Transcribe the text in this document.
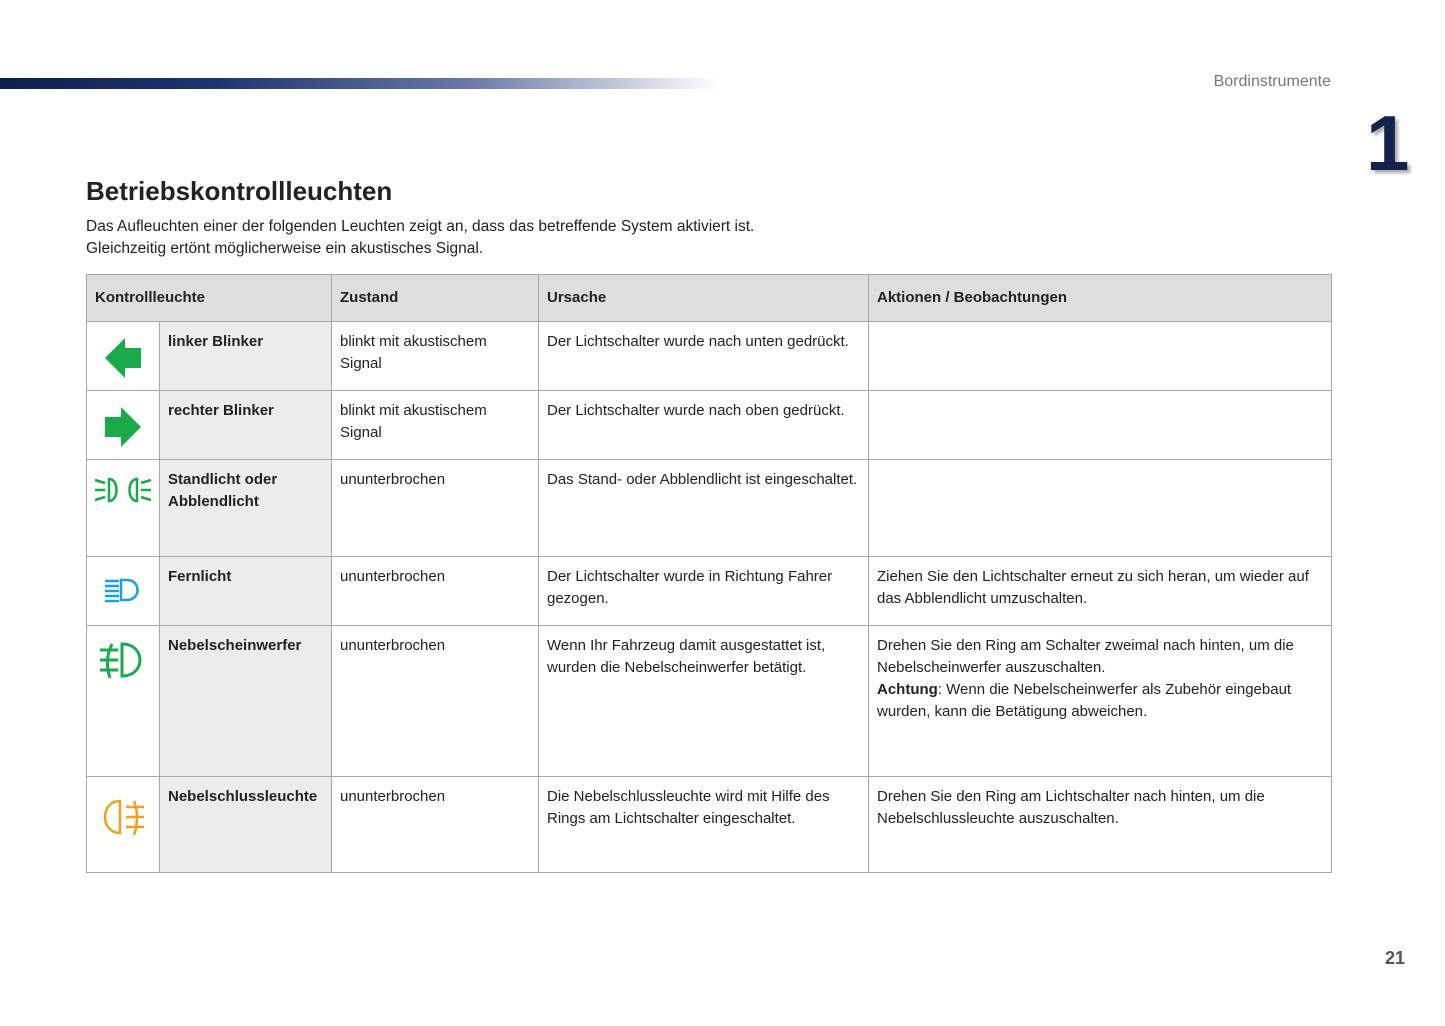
Bordinstrumente
1
Betriebskontrollleuchten
Das Aufleuchten einer der folgenden Leuchten zeigt an, dass das betreffende System aktiviert ist.
Gleichzeitig ertönt möglicherweise ein akustisches Signal.
Kontrollleuchte		Zustand	Ursache	Aktionen / Beobachtungen

	linker Blinker	blinkt mit akustischem Signal	Der Lichtschalter wurde nach unten gedrückt.	

	rechter Blinker	blinkt mit akustischem Signal	Der Lichtschalter wurde nach oben gedrückt.	

	Standlicht oder Abblendlicht	ununterbrochen	Das Stand- oder Abblendlicht ist eingeschaltet.	

	Fernlicht	ununterbrochen	Der Lichtschalter wurde in Richtung Fahrer gezogen.	Ziehen Sie den Lichtschalter erneut zu sich heran, um wieder auf das Abblendlicht umzuschalten.

	Nebelscheinwerfer	ununterbrochen	Wenn Ihr Fahrzeug damit ausgestattet ist, wurden die Nebelscheinwerfer betätigt.	Drehen Sie den Ring am Schalter zweimal nach hinten, um die Nebelscheinwerfer auszuschalten.
Achtung: Wenn die Nebelscheinwerfer als Zubehör eingebaut wurden, kann die Betätigung abweichen.

	Nebelschlussleuchte	ununterbrochen	Die Nebelschlussleuchte wird mit Hilfe des Rings am Lichtschalter eingeschaltet.	Drehen Sie den Ring am Lichtschalter nach hinten, um die Nebelschlussleuchte auszuschalten.
21
